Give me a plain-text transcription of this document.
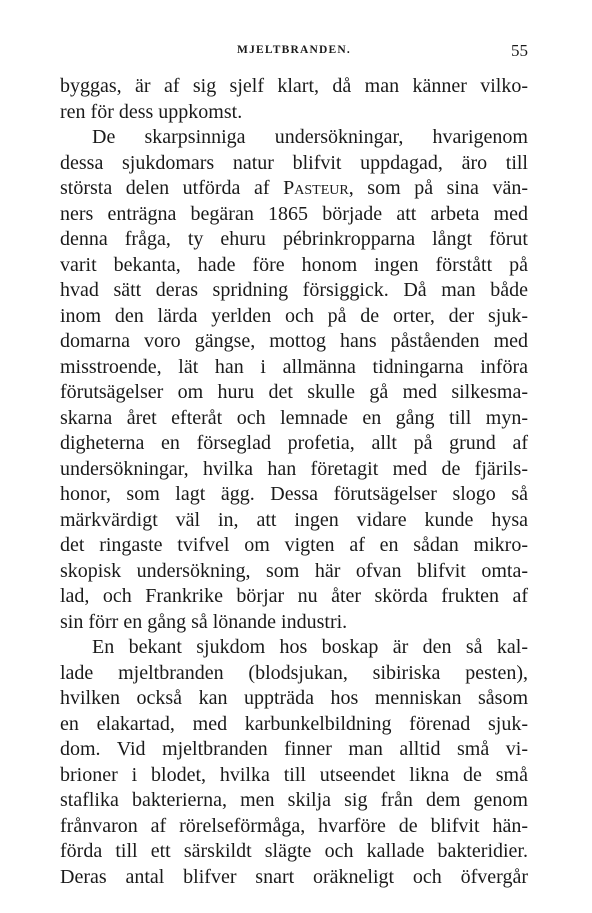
MJELTBRANDEN.	55
byggas, är af sig sjelf klart, då man känner vilko-
ren för dess uppkomst.
De skarpsinniga undersökningar, hvarigenom
dessa sjukdomars natur blifvit uppdagad, äro till
största delen utförda af Pasteur, som på sina vän-
ners enträgna begäran 1865 började att arbeta med
denna fråga, ty ehuru pébrinkropparna långt förut
varit bekanta, hade före honom ingen förstått på
hvad sätt deras spridning försiggick. Då man både
inom den lärda yerlden och på de orter, der sjuk-
domarna voro gängse, mottog hans påståenden med
misstroende, lät han i allmänna tidningarna införa
förutsägelser om huru det skulle gå med silkesma-
skarna året efteråt och lemnade en gång till myn-
digheterna en förseglad profetia, allt på grund af
undersökningar, hvilka han företagit med de fjärils-
honor, som lagt ägg. Dessa förutsägelser slogo så
märkvärdigt väl in, att ingen vidare kunde hysa
det ringaste tvifvel om vigten af en sådan mikro-
skopisk undersökning, som här ofvan blifvit omta-
lad, och Frankrike börjar nu åter skörda frukten af
sin förr en gång så lönande industri.
En bekant sjukdom hos boskap är den så kal-
lade mjeltbranden (blodsjukan, sibiriska pesten),
hvilken också kan uppträda hos menniskan såsom
en elakartad, med karbunkelbildning förenad sjuk-
dom. Vid mjeltbranden finner man alltid små vi-
brioner i blodet, hvilka till utseendet likna de små
staflika bakterierna, men skilja sig från dem genom
frånvaron af rörelseförmåga, hvarföre de blifvit hän-
förda till ett särskildt slägte och kallade bakteridier.
Deras antal blifver snart oräkneligt och öfvergår
